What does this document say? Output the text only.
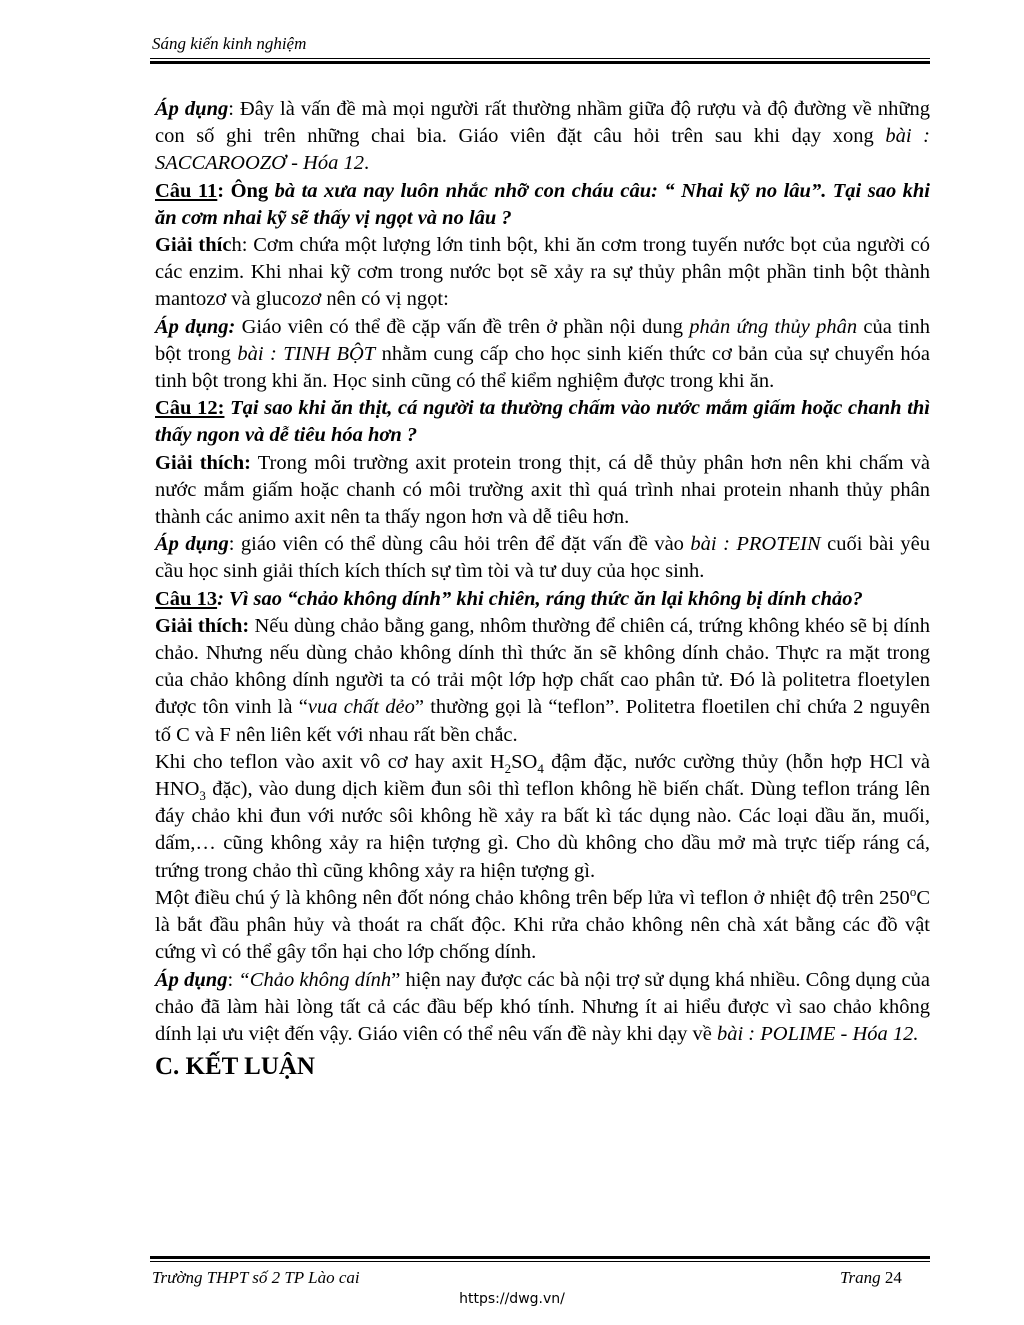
Sáng kiến kinh nghiệm

Áp dụng: Đây là vấn đề mà mọi người rất thường nhầm giữa độ rượu và độ đường về những con số ghi trên những chai bia. Giáo viên đặt câu hỏi trên sau khi dạy xong bài : SACCAROOZƠ - Hóa 12.

Câu 11: Ông bà ta xưa nay luôn nhắc nhỡ con cháu câu: “ Nhai kỹ no lâu”. Tại sao khi ăn cơm nhai kỹ sẽ thấy vị ngọt và no lâu ?

Giải thích: Cơm chứa một lượng lớn tinh bột, khi ăn cơm trong tuyến nước bọt của người có các enzim. Khi nhai kỹ cơm trong nước bọt sẽ xảy ra sự thủy phân một phần tinh bột thành mantozơ và glucozơ nên có vị ngọt:

Áp dụng: Giáo viên có thể đề cặp vấn đề trên ở phần nội dung phản ứng thủy phân của tinh bột trong bài : TINH BỘT nhằm cung cấp cho học sinh kiến thức cơ bản của sự chuyển hóa tinh bột trong khi ăn. Học sinh cũng có thể kiểm nghiệm được trong khi ăn.

Câu 12: Tại sao khi ăn thịt, cá người ta thường chấm vào nước mắm giấm hoặc chanh thì thấy ngon và dễ tiêu hóa hơn ?

Giải thích: Trong môi trường axit protein trong thịt, cá dễ thủy phân hơn nên khi chấm và nước mắm giấm hoặc chanh có môi trường axit thì quá trình nhai protein nhanh thủy phân thành các animo axit nên ta thấy ngon hơn và dễ tiêu hơn.

Áp dụng: giáo viên có thể dùng câu hỏi trên để đặt vấn đề vào bài : PROTEIN cuối bài yêu cầu học sinh giải thích kích thích sự tìm tòi và tư duy của học sinh.

Câu 13: Vì sao “chảo không dính” khi chiên, ráng thức ăn lại không bị dính chảo?

Giải thích: Nếu dùng chảo bằng gang, nhôm thường để chiên cá, trứng không khéo sẽ bị dính chảo. Nhưng nếu dùng chảo không dính thì thức ăn sẽ không dính chảo. Thực ra mặt trong của chảo không dính người ta có trải một lớp hợp chất cao phân tử. Đó là politetra floetylen được tôn vinh là “vua chất dẻo” thường gọi là “teflon”. Politetra floetilen chỉ chứa 2 nguyên tố C và F nên liên kết với nhau rất bền chắc.

Khi cho teflon vào axit vô cơ hay axit $H_2SO_4$ đậm đặc, nước cường thủy (hỗn hợp HCl và $HNO_3$ đặc), vào dung dịch kiềm đun sôi thì teflon không hề biến chất. Dùng teflon tráng lên đáy chảo khi đun với nước sôi không hề xảy ra bất kì tác dụng nào. Các loại dầu ăn, muối, dấm,… cũng không xảy ra hiện tượng gì. Cho dù không cho dầu mở mà trực tiếp ráng cá, trứng trong chảo thì cũng không xảy ra hiện tượng gì.

Một điều chú ý là không nên đốt nóng chảo không trên bếp lửa vì teflon ở nhiệt độ trên 250$^o$C là bắt đầu phân hủy và thoát ra chất độc. Khi rửa chảo không nên chà xát bằng các đồ vật cứng vì có thể gây tổn hại cho lớp chống dính.

Áp dụng: “Chảo không dính” hiện nay được các bà nội trợ sử dụng khá nhiều. Công dụng của chảo đã làm hài lòng tất cả các đầu bếp khó tính. Nhưng ít ai hiểu được vì sao chảo không dính lại ưu việt đến vậy. Giáo viên có thể nêu vấn đề này khi dạy về bài : POLIME - Hóa 12.

C. KẾT LUẬN

Trường THPT số 2 TP Lào cai	Trang 24
https://dwg.vn/
